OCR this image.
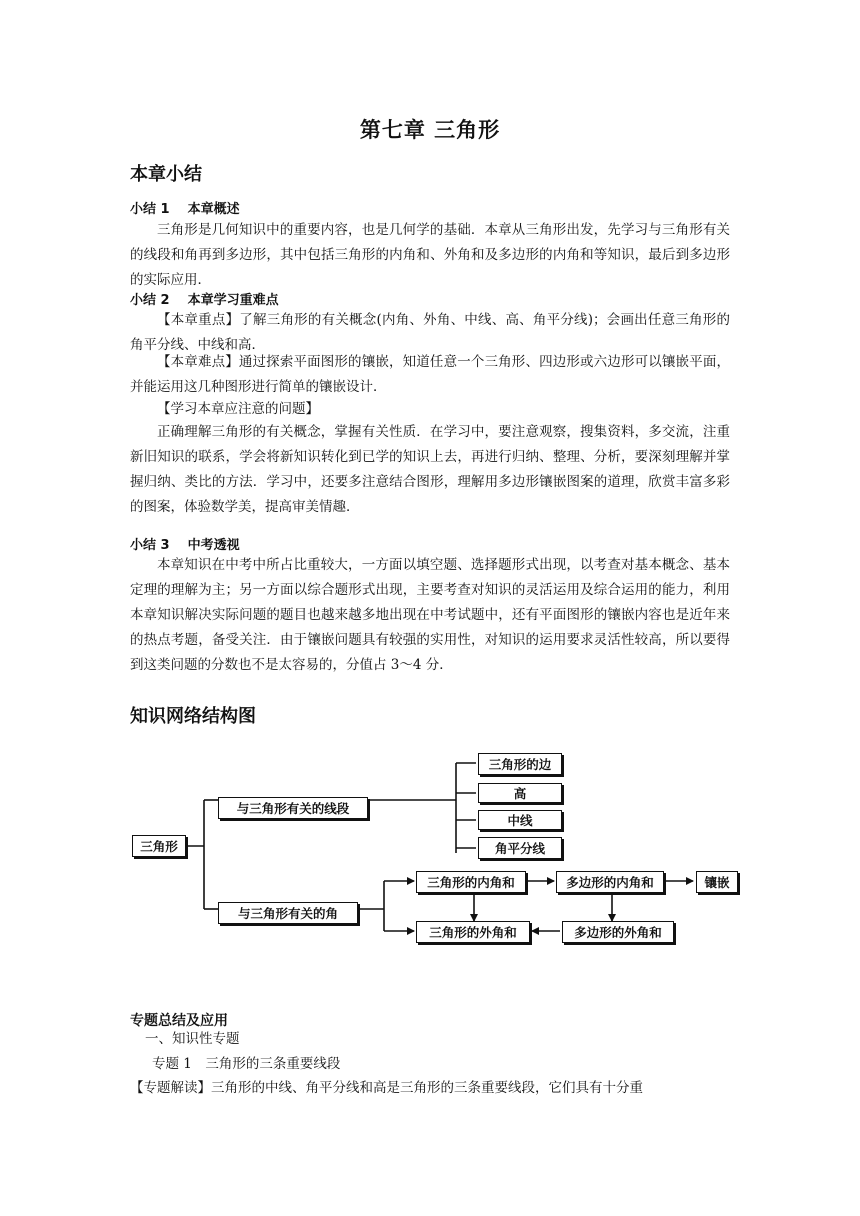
第七章 三角形
本章小结
小结 1 本章概述
三角形是几何知识中的重要内容，也是几何学的基础．本章从三角形出发，先学习与三角形有关的线段和角再到多边形，其中包括三角形的内角和、外角和及多边形的内角和等知识，最后到多边形的实际应用．
小结 2 本章学习重难点
【本章重点】了解三角形的有关概念(内角、外角、中线、高、角平分线)；会画出任意三角形的角平分线、中线和高．
【本章难点】通过探索平面图形的镶嵌，知道任意一个三角形、四边形或六边形可以镶嵌平面，并能运用这几种图形进行简单的镶嵌设计．
【学习本章应注意的问题】
正确理解三角形的有关概念，掌握有关性质．在学习中，要注意观察，搜集资料，多交流，注重新旧知识的联系，学会将新知识转化到已学的知识上去，再进行归纳、整理、分析，要深刻理解并掌握归纳、类比的方法．学习中，还要多注意结合图形，理解用多边形镶嵌图案的道理，欣赏丰富多彩的图案，体验数学美，提高审美情趣．
小结 3 中考透视
本章知识在中考中所占比重较大，一方面以填空题、选择题形式出现，以考查对基本概念、基本定理的理解为主；另一方面以综合题形式出现，主要考查对知识的灵活运用及综合运用的能力，利用本章知识解决实际问题的题目也越来越多地出现在中考试题中，还有平面图形的镶嵌内容也是近年来的热点考题，备受关注．由于镶嵌问题具有较强的实用性，对知识的运用要求灵活性较高，所以要得到这类问题的分数也不是太容易的，分值占 3～4 分．
知识网络结构图
三角形
与三角形有关的线段
与三角形有关的角
三角形的边
高
中线
角平分线
三角形的内角和	多边形的内角和	镶嵌
三角形的外角和	多边形的外角和
专题总结及应用
一、知识性专题
专题 1　三角形的三条重要线段
【专题解读】三角形的中线、角平分线和高是三角形的三条重要线段，它们具有十分重
